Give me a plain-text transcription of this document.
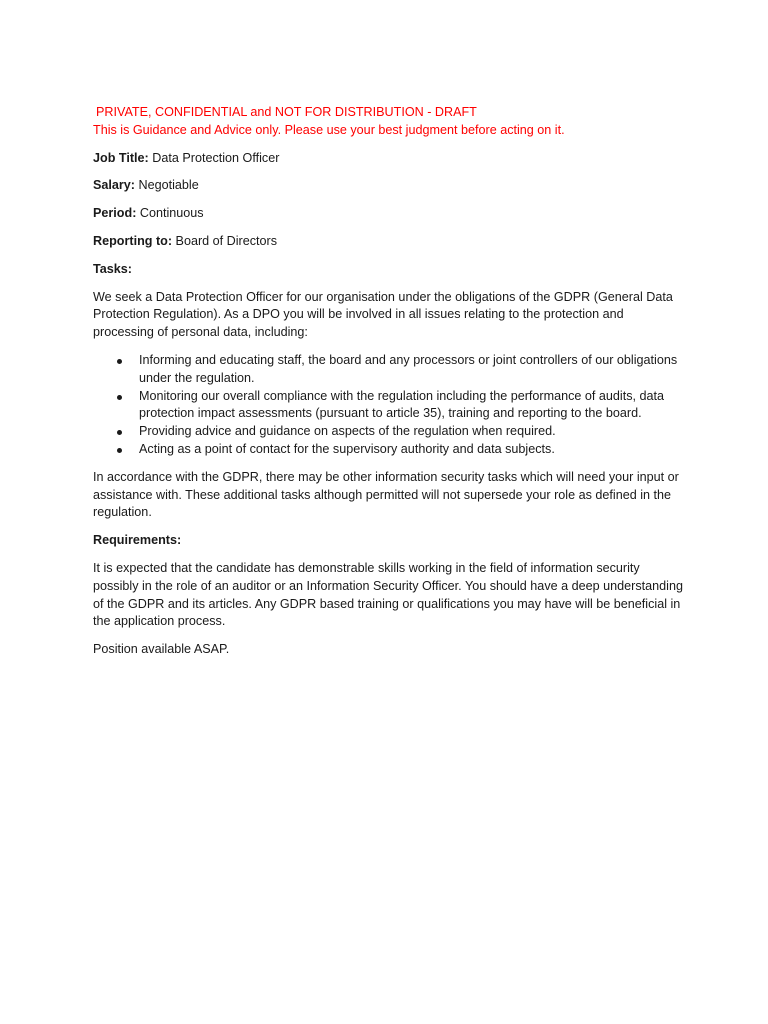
PRIVATE, CONFIDENTIAL and NOT FOR DISTRIBUTION - DRAFT

This is Guidance and Advice only. Please use your best judgment before acting on it.

Job Title: Data Protection Officer

Salary: Negotiable

Period: Continuous

Reporting to: Board of Directors

Tasks:

We seek a Data Protection Officer for our organisation under the obligations of the GDPR (General Data Protection Regulation). As a DPO you will be involved in all issues relating to the protection and processing of personal data, including:

Informing and educating staff, the board and any processors or joint controllers of our obligations under the regulation.
Monitoring our overall compliance with the regulation including the performance of audits, data protection impact assessments (pursuant to article 35), training and reporting to the board.
Providing advice and guidance on aspects of the regulation when required.
Acting as a point of contact for the supervisory authority and data subjects.

In accordance with the GDPR, there may be other information security tasks which will need your input or assistance with. These additional tasks although permitted will not supersede your role as defined in the regulation.

Requirements:

It is expected that the candidate has demonstrable skills working in the field of information security possibly in the role of an auditor or an Information Security Officer. You should have a deep understanding of the GDPR and its articles. Any GDPR based training or qualifications you may have will be beneficial in the application process.

Position available ASAP.
